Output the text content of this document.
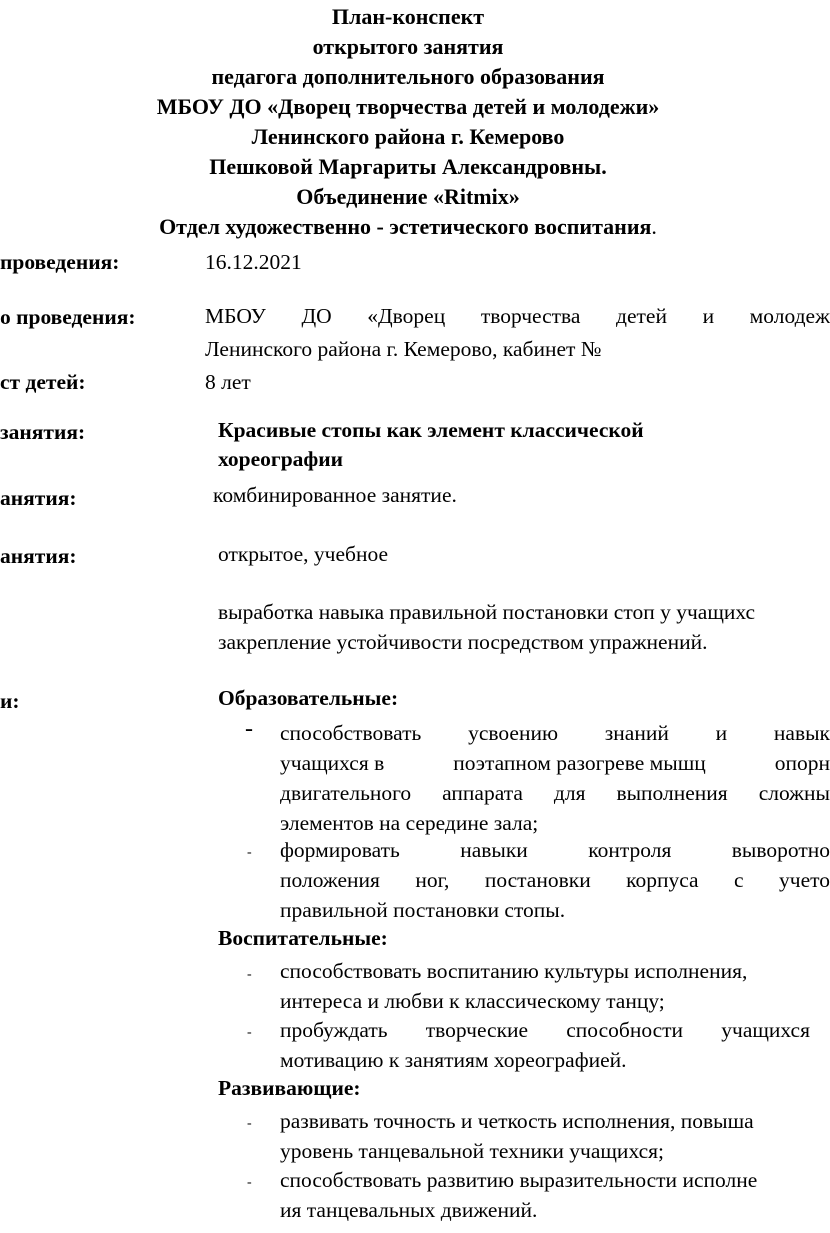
План-конспект
открытого занятия
педагога дополнительного образования
МБОУ ДО «Дворец творчества детей и молодежи»
Ленинского района г. Кемерово
Пешковой Маргариты Александровны.
Объединение «Ritmix»
Отдел художественно - эстетического воспитания.
проведения:	16.12.2021
о проведения:	МБОУ ДО «Дворец творчества детей и молодеж
Ленинского района г. Кемерово, кабинет №
ст детей:	8 лет
занятия:	Красивые стопы как элемент классической
хореографии
анятия:	комбинированное занятие.
анятия:	открытое, учебное
выработка навыка правильной постановки стоп у учащихс
закрепление устойчивости посредством упражнений.
и:	Образовательные:
- способствовать усвоению знаний и навык
учащихся в	поэтапном разогреве мышц	опорн
двигательного аппарата для выполнения сложны
элементов на середине зала;
- формировать	навыки	контроля	выворотно
положения ног, постановки корпуса с учето
правильной постановки стопы.
Воспитательные:
- способствовать воспитанию культуры исполнения,
интереса и любви к классическому танцу;
- пробуждать творческие способности учащихся
мотивацию к занятиям хореографией.
Развивающие:
- развивать точность и четкость исполнения, повыша
уровень танцевальной техники учащихся;
- способствовать развитию выразительности исполне
ия танцевальных движений.
